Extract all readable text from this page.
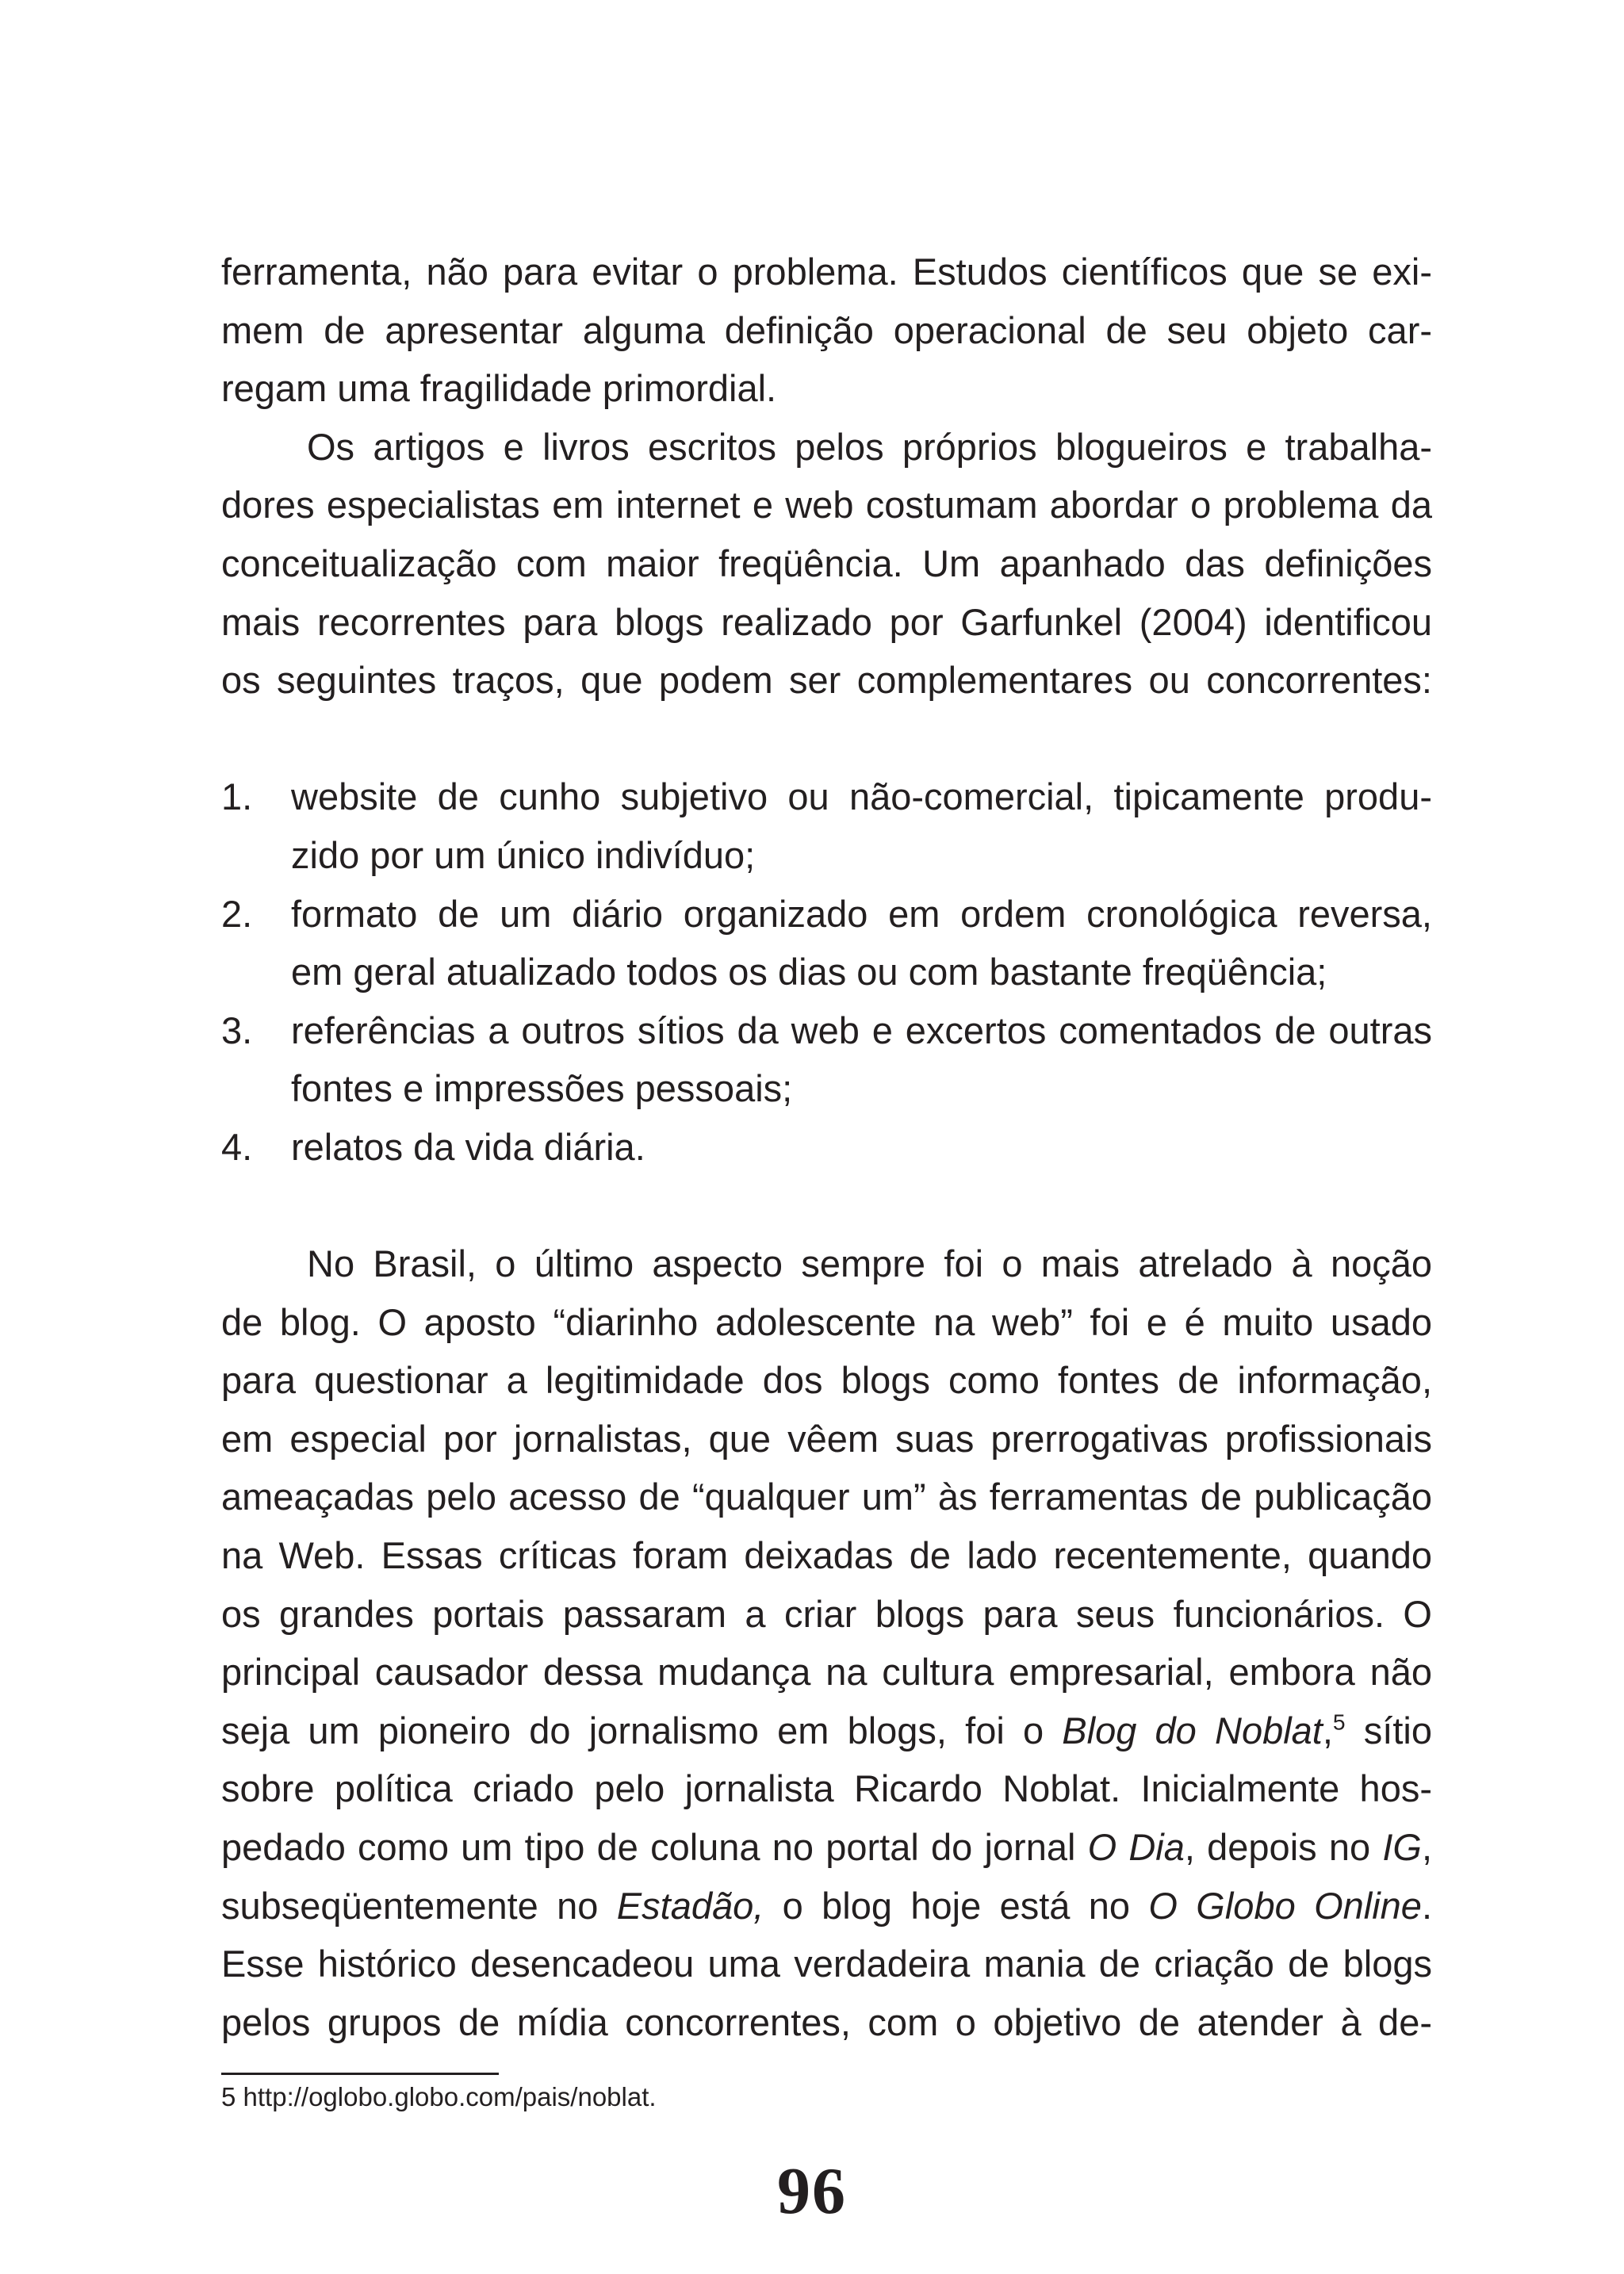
ferramenta, não para evitar o problema. Estudos científicos que se exi-
mem de apresentar alguma definição operacional de seu objeto car-
regam uma fragilidade primordial.
Os artigos e livros escritos pelos próprios blogueiros e trabalha-
dores especialistas em internet e web costumam abordar o problema da
conceitualização com maior freqüência. Um apanhado das definições
mais recorrentes para blogs realizado por Garfunkel (2004) identificou
os seguintes traços, que podem ser complementares ou concorrentes:
1. website de cunho subjetivo ou não-comercial, tipicamente produ-
zido por um único indivíduo;
2. formato de um diário organizado em ordem cronológica reversa,
em geral atualizado todos os dias ou com bastante freqüência;
3. referências a outros sítios da web e excertos comentados de outras
fontes e impressões pessoais;
4. relatos da vida diária.
No Brasil, o último aspecto sempre foi o mais atrelado à noção
de blog. O aposto “diarinho adolescente na web” foi e é muito usado
para questionar a legitimidade dos blogs como fontes de informação,
em especial por jornalistas, que vêem suas prerrogativas profissionais
ameaçadas pelo acesso de “qualquer um” às ferramentas de publicação
na Web. Essas críticas foram deixadas de lado recentemente, quando
os grandes portais passaram a criar blogs para seus funcionários. O
principal causador dessa mudança na cultura empresarial, embora não
seja um pioneiro do jornalismo em blogs, foi o Blog do Noblat,$^5$ sítio
sobre política criado pelo jornalista Ricardo Noblat. Inicialmente hos-
pedado como um tipo de coluna no portal do jornal O Dia, depois no IG,
subseqüentemente no Estadão, o blog hoje está no O Globo Online.
Esse histórico desencadeou uma verdadeira mania de criação de blogs
pelos grupos de mídia concorrentes, com o objetivo de atender à de-
5 http://oglobo.globo.com/pais/noblat.
96
